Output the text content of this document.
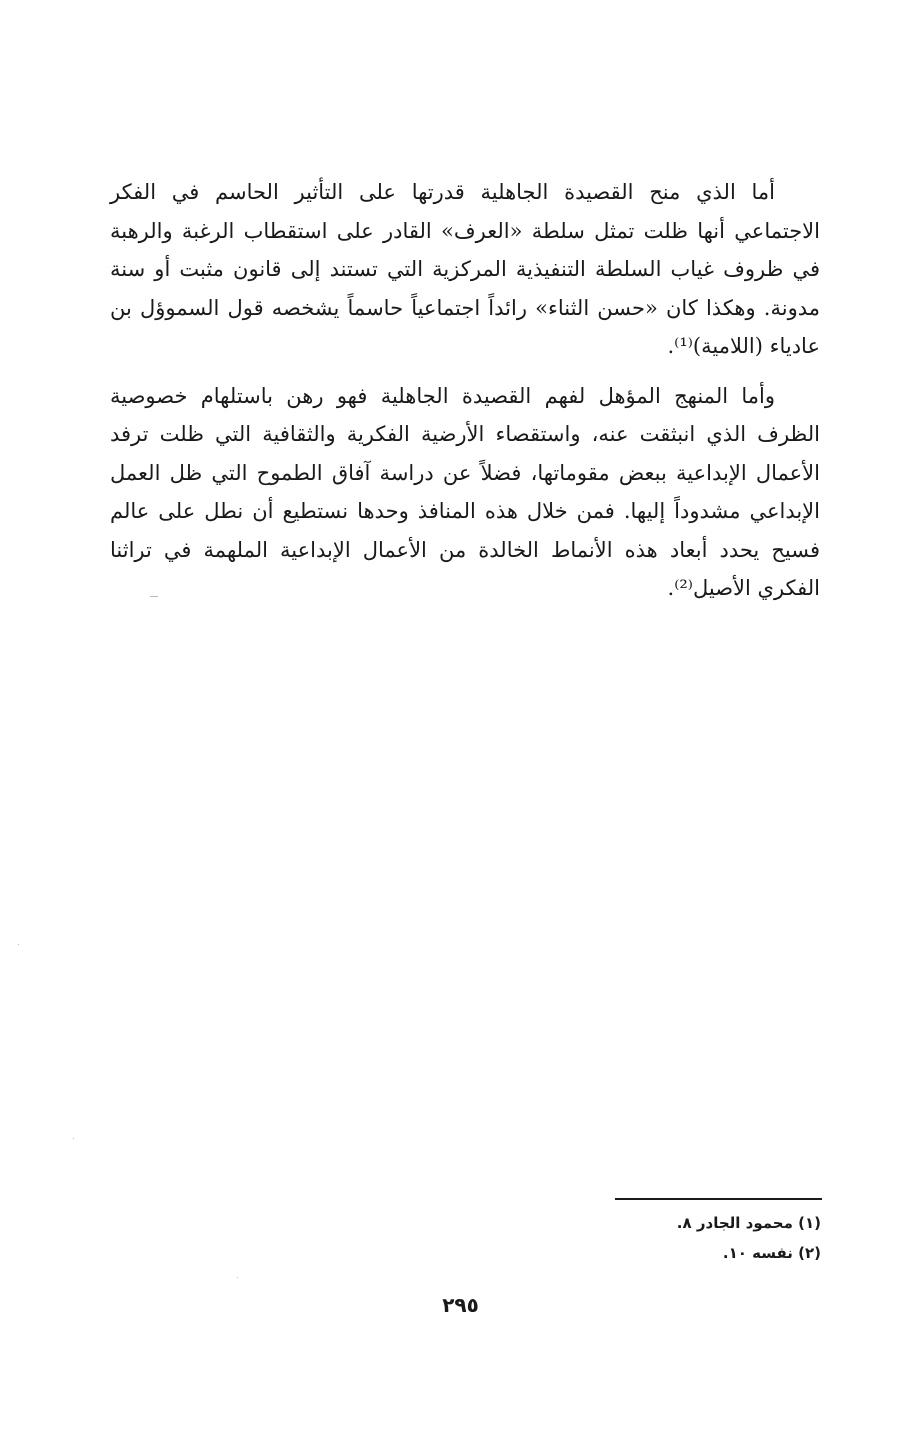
أما الذي منح القصيدة الجاهلية قدرتها على التأثير الحاسم في الفكر الاجتماعي أنها ظلت تمثل سلطة «العرف» القادر على استقطاب الرغبة والرهبة في ظروف غياب السلطة التنفيذية المركزية التي تستند إلى قانون مثبت أو سنة مدونة. وهكذا كان «حسن الثناء» رائداً اجتماعياً حاسماً يشخصه قول السموؤل بن عادياء (اللامية)⁽¹⁾.

وأما المنهج المؤهل لفهم القصيدة الجاهلية فهو رهن باستلهام خصوصية الظرف الذي انبثقت عنه، واستقصاء الأرضية الفكرية والثقافية التي ظلت ترفد الأعمال الإبداعية ببعض مقوماتها، فضلاً عن دراسة آفاق الطموح التي ظل العمل الإبداعي مشدوداً إليها. فمن خلال هذه المنافذ وحدها نستطيع أن نطل على عالم فسيح يحدد أبعاد هذه الأنماط الخالدة من الأعمال الإبداعية الملهمة في تراثنا الفكري الأصيل⁽²⁾.

(١) محمود الجادر ٨.

(٢) نفسه ١٠.

٢٩٥
